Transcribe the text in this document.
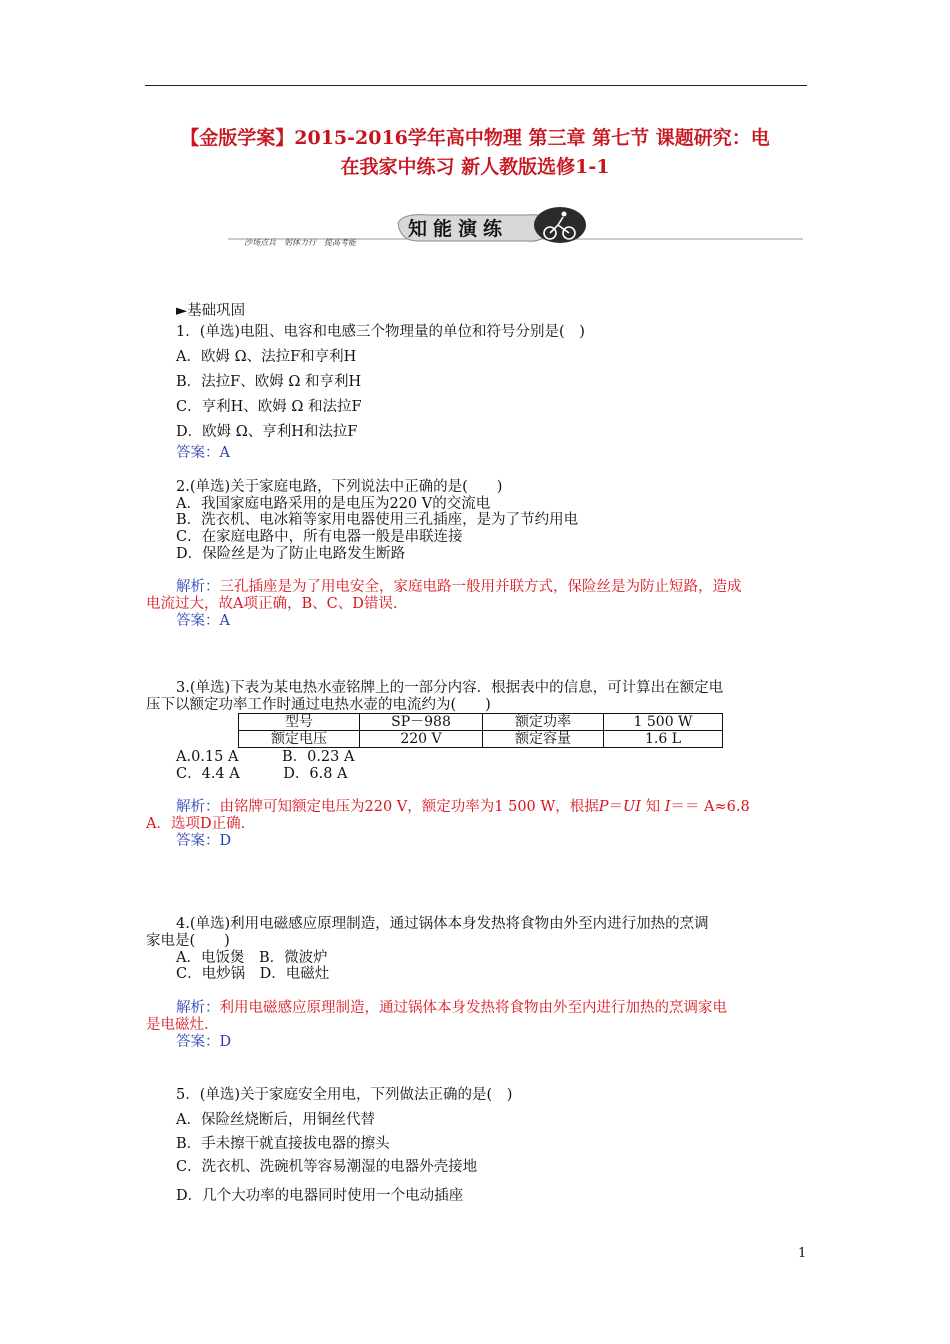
【金版学案】2015-2016学年高中物理 第三章 第七节 课题研究：电
在我家中练习 新人教版选修1-1
沙场点兵　躬体力行　提高考能
知能演练
►基础巩固
1．(单选)电阻、电容和电感三个物理量的单位和符号分别是(　)
A．欧姆 Ω、法拉F和亨利H
B．法拉F、欧姆 Ω 和亨利H
C．亨利H、欧姆 Ω 和法拉F
D．欧姆 Ω、亨利H和法拉F
答案：A
2.(单选)关于家庭电路，下列说法中正确的是(　　)
A．我国家庭电路采用的是电压为220 V的交流电
B．洗衣机、电冰箱等家用电器使用三孔插座，是为了节约用电
C．在家庭电路中，所有电器一般是串联连接
D．保险丝是为了防止电路发生断路
解析：三孔插座是为了用电安全，家庭电路一般用并联方式，保险丝是为防止短路，造成
电流过大，故A项正确，B、C、D错误.
答案：A
3.(单选)下表为某电热水壶铭牌上的一部分内容．根据表中的信息，可计算出在额定电
压下以额定功率工作时通过电热水壶的电流约为(　　)
型号	SP－988	额定功率	1 500 W
额定电压	220 V	额定容量	1.6 L
A.0.15 A　　　B．0.23 A
C．4.4 A　　　D．6.8 A
解析：由铭牌可知额定电压为220 V，额定功率为1 500 W，根据P＝UI 知 I＝＝ A≈6.8
A．选项D正确.
答案：D
4.(单选)利用电磁感应原理制造，通过锅体本身发热将食物由外至内进行加热的烹调
家电是(　　)
A．电饭煲　B．微波炉
C．电炒锅　D．电磁灶
解析：利用电磁感应原理制造，通过锅体本身发热将食物由外至内进行加热的烹调家电
是电磁灶.
答案：D
5．(单选)关于家庭安全用电，下列做法正确的是(　)
A．保险丝烧断后，用铜丝代替
B．手未擦干就直接拔电器的擦头
C．洗衣机、洗碗机等容易潮湿的电器外壳接地
D．几个大功率的电器同时使用一个电动插座
1
